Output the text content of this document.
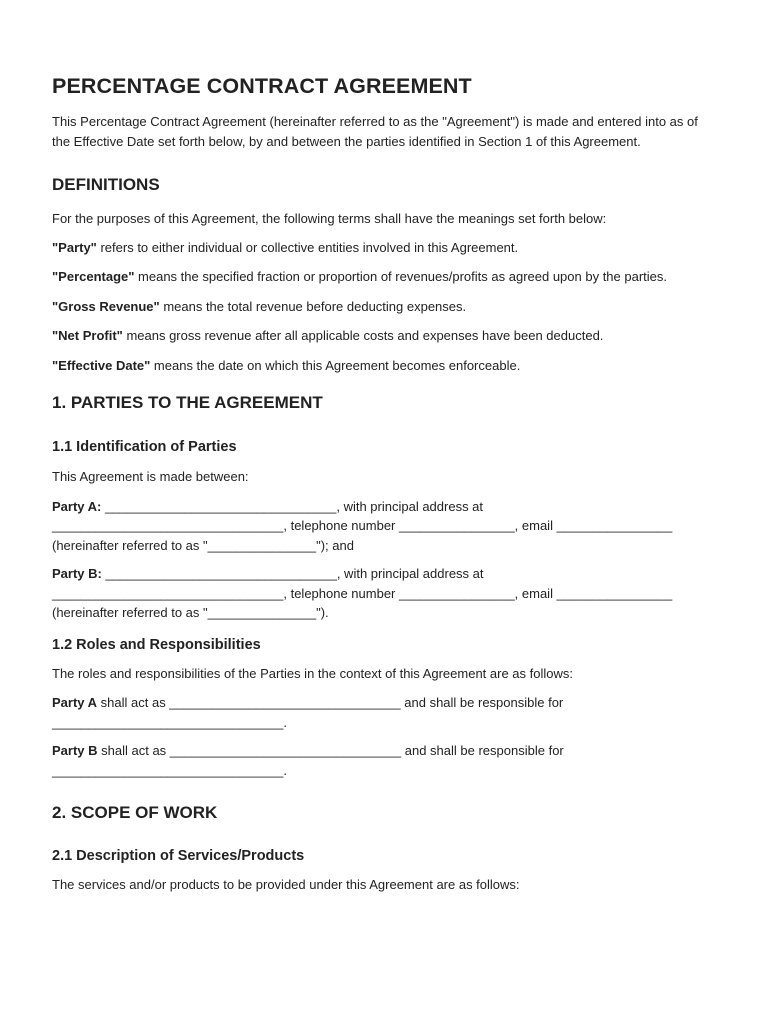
PERCENTAGE CONTRACT AGREEMENT

This Percentage Contract Agreement (hereinafter referred to as the "Agreement") is made and entered into as of the Effective Date set forth below, by and between the parties identified in Section 1 of this Agreement.

DEFINITIONS

For the purposes of this Agreement, the following terms shall have the meanings set forth below:

"Party" refers to either individual or collective entities involved in this Agreement.

"Percentage" means the specified fraction or proportion of revenues/profits as agreed upon by the parties.

"Gross Revenue" means the total revenue before deducting expenses.

"Net Profit" means gross revenue after all applicable costs and expenses have been deducted.

"Effective Date" means the date on which this Agreement becomes enforceable.

1. PARTIES TO THE AGREEMENT
1.1 Identification of Parties

This Agreement is made between:

Party A: ________________________________, with principal address at ________________________________, telephone number ________________, email ________________ (hereinafter referred to as "_______________"); and

Party B: ________________________________, with principal address at ________________________________, telephone number ________________, email ________________ (hereinafter referred to as "_______________").

1.2 Roles and Responsibilities

The roles and responsibilities of the Parties in the context of this Agreement are as follows:

Party A shall act as ________________________________ and shall be responsible for ________________________________.

Party B shall act as ________________________________ and shall be responsible for ________________________________.

2. SCOPE OF WORK
2.1 Description of Services/Products

The services and/or products to be provided under this Agreement are as follows:
